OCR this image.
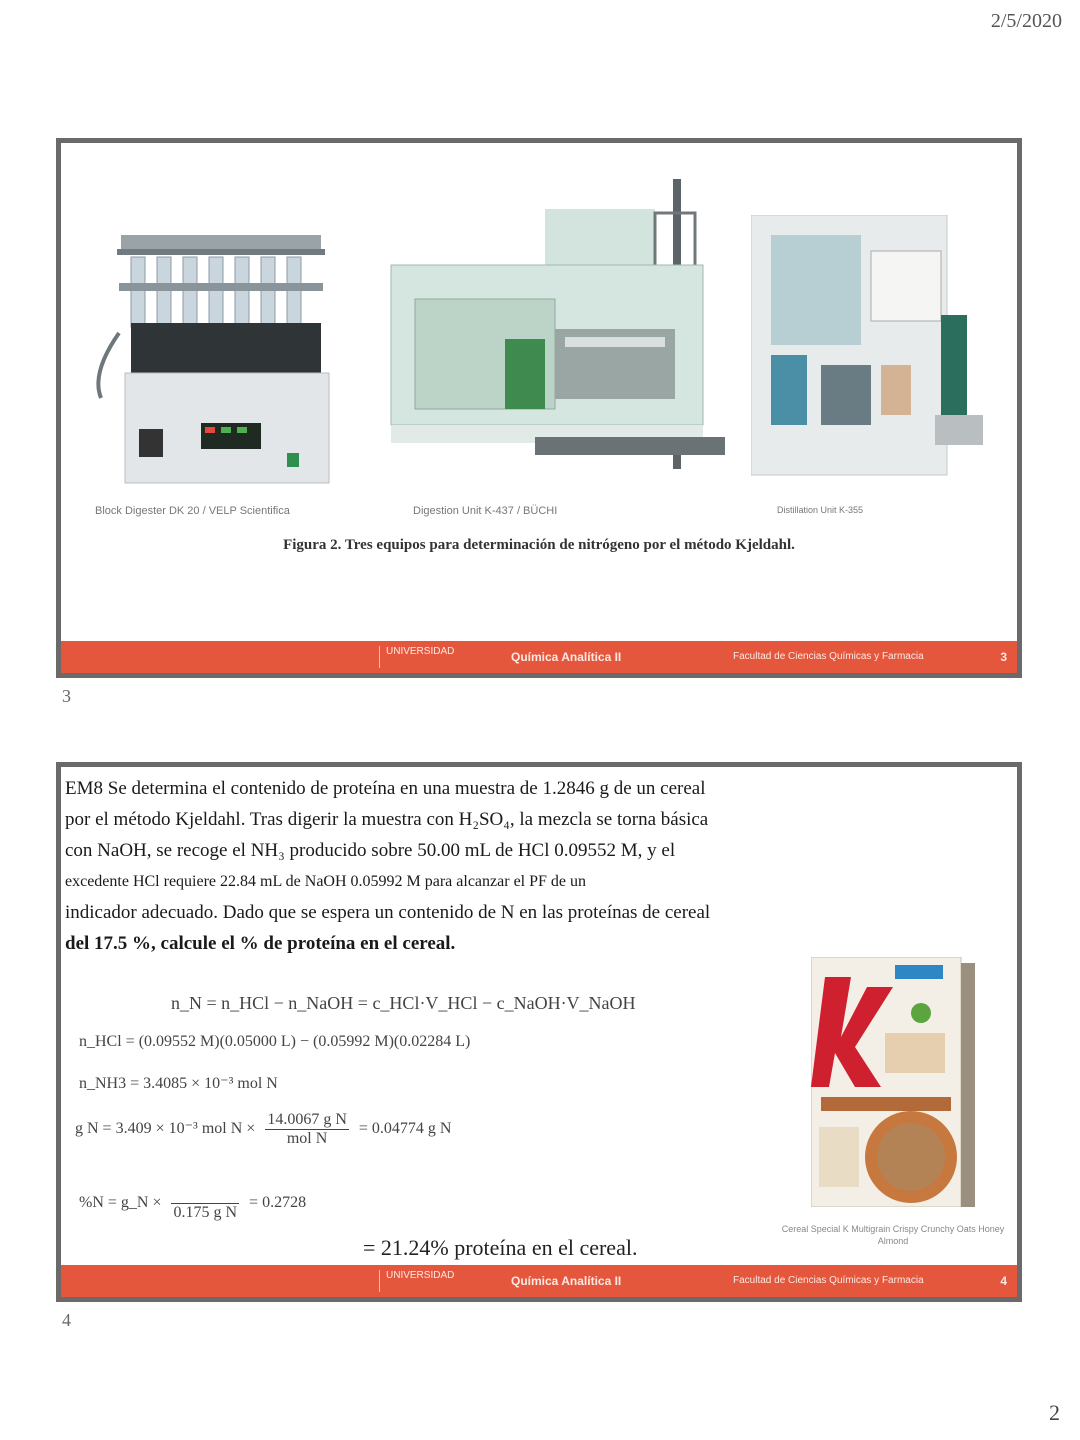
2/5/2020
Block Digester DK 20 / VELP Scientifica	Digestion Unit K-437 / BÜCHI	Distillation Unit K-355
Figura 2. Tres equipos para determinación de nitrógeno por el método Kjeldahl.
UNIVERSIDAD	Química Analítica II	Facultad de Ciencias Químicas y Farmacia	3
3
EM8 Se determina el contenido de proteína en una muestra de 1.2846 g de un cereal
por el método Kjeldahl. Tras digerir la muestra con H₂SO₄, la mezcla se torna básica
con NaOH, se recoge el NH₃ producido sobre 50.00 mL de HCl 0.09552 M, y el
excedente HCl requiere 22.84 mL de NaOH 0.05992 M para alcanzar el PF de un
indicador adecuado. Dado que se espera un contenido de N en las proteínas de cereal
del 17.5 %, calcule el % de proteína en el cereal.
n_N = n_HCl − n_NaOH = c_HCl·V_HCl − c_NaOH·V_NaOH
n_HCl = (0.09552 M)(0.05000 L) − (0.05992 M)(0.02284 L)
n_NH3 = 3.4085 × 10⁻³ mol N
g N = 3.409 × 10⁻³ mol $N \times \frac{\text{14.0067 g N}}{\text{mol N}} = 0.04774$ g N
%N = g_N ×

0.175 g N
= 0.2728
= 21.24% proteína en el cereal.
Cereal Special K Multigrain Crispy Crunchy Oats Honey Almond
UNIVERSIDAD	Química Analítica II	Facultad de Ciencias Químicas y Farmacia	4
4
2
